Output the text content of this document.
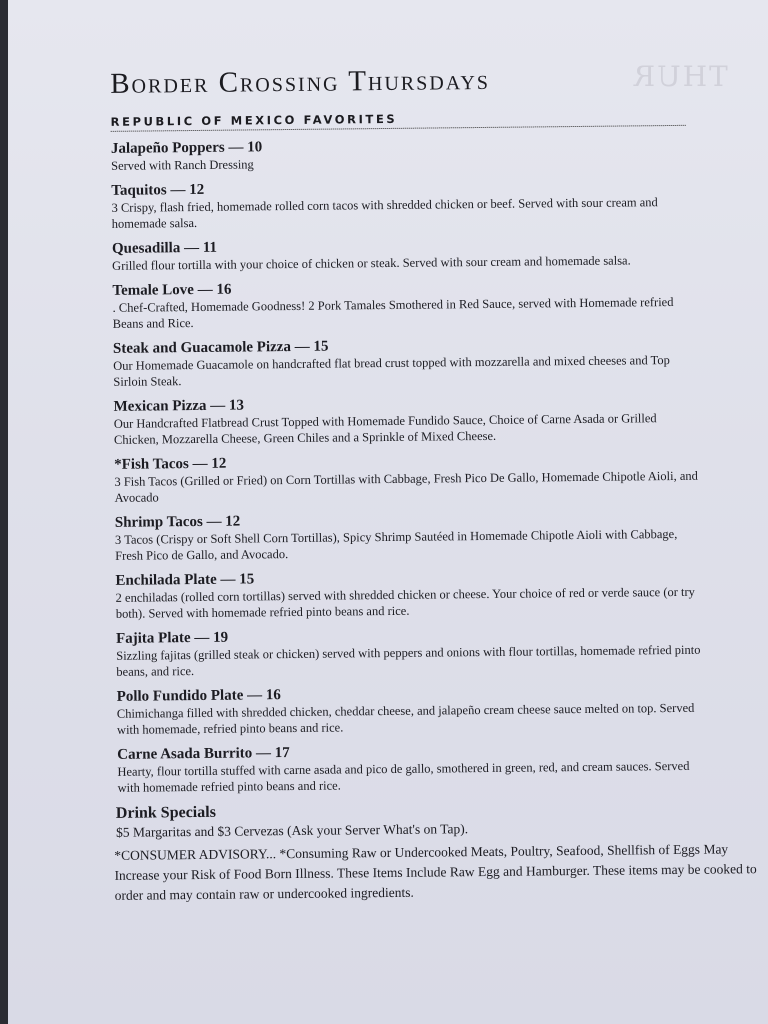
THUR
Border Crossing Thursdays
REPUBLIC OF MEXICO FAVORITES
Jalapeño Poppers — 10
Served with Ranch Dressing
Taquitos — 12
3 Crispy, flash fried, homemade rolled corn tacos with shredded chicken or beef. Served with sour cream and homemade salsa.
Quesadilla — 11
Grilled flour tortilla with your choice of chicken or steak. Served with sour cream and homemade salsa.
Temale Love — 16
. Chef-Crafted, Homemade Goodness! 2 Pork Tamales Smothered in Red Sauce, served with Homemade refried Beans and Rice.
Steak and Guacamole Pizza — 15
Our Homemade Guacamole on handcrafted flat bread crust topped with mozzarella and mixed cheeses and Top Sirloin Steak.
Mexican Pizza — 13
Our Handcrafted Flatbread Crust Topped with Homemade Fundido Sauce, Choice of Carne Asada or Grilled Chicken, Mozzarella Cheese, Green Chiles and a Sprinkle of Mixed Cheese.
*Fish Tacos — 12
3 Fish Tacos (Grilled or Fried) on Corn Tortillas with Cabbage, Fresh Pico De Gallo, Homemade Chipotle Aioli, and Avocado
Shrimp Tacos — 12
3 Tacos (Crispy or Soft Shell Corn Tortillas), Spicy Shrimp Sautéed in Homemade Chipotle Aioli with Cabbage, Fresh Pico de Gallo, and Avocado.
Enchilada Plate — 15
2 enchiladas (rolled corn tortillas) served with shredded chicken or cheese. Your choice of red or verde sauce (or try both). Served with homemade refried pinto beans and rice.
Fajita Plate — 19
Sizzling fajitas (grilled steak or chicken) served with peppers and onions with flour tortillas, homemade refried pinto beans, and rice.
Pollo Fundido Plate — 16
Chimichanga filled with shredded chicken, cheddar cheese, and jalapeño cream cheese sauce melted on top. Served with homemade, refried pinto beans and rice.
Carne Asada Burrito — 17
Hearty, flour tortilla stuffed with carne asada and pico de gallo, smothered in green, red, and cream sauces. Served with homemade refried pinto beans and rice.
Drink Specials
$5 Margaritas and $3 Cervezas (Ask your Server What's on Tap).
*CONSUMER ADVISORY... *Consuming Raw or Undercooked Meats, Poultry, Seafood, Shellfish of Eggs May Increase your Risk of Food Born Illness. These Items Include Raw Egg and Hamburger. These items may be cooked to order and may contain raw or undercooked ingredients.
